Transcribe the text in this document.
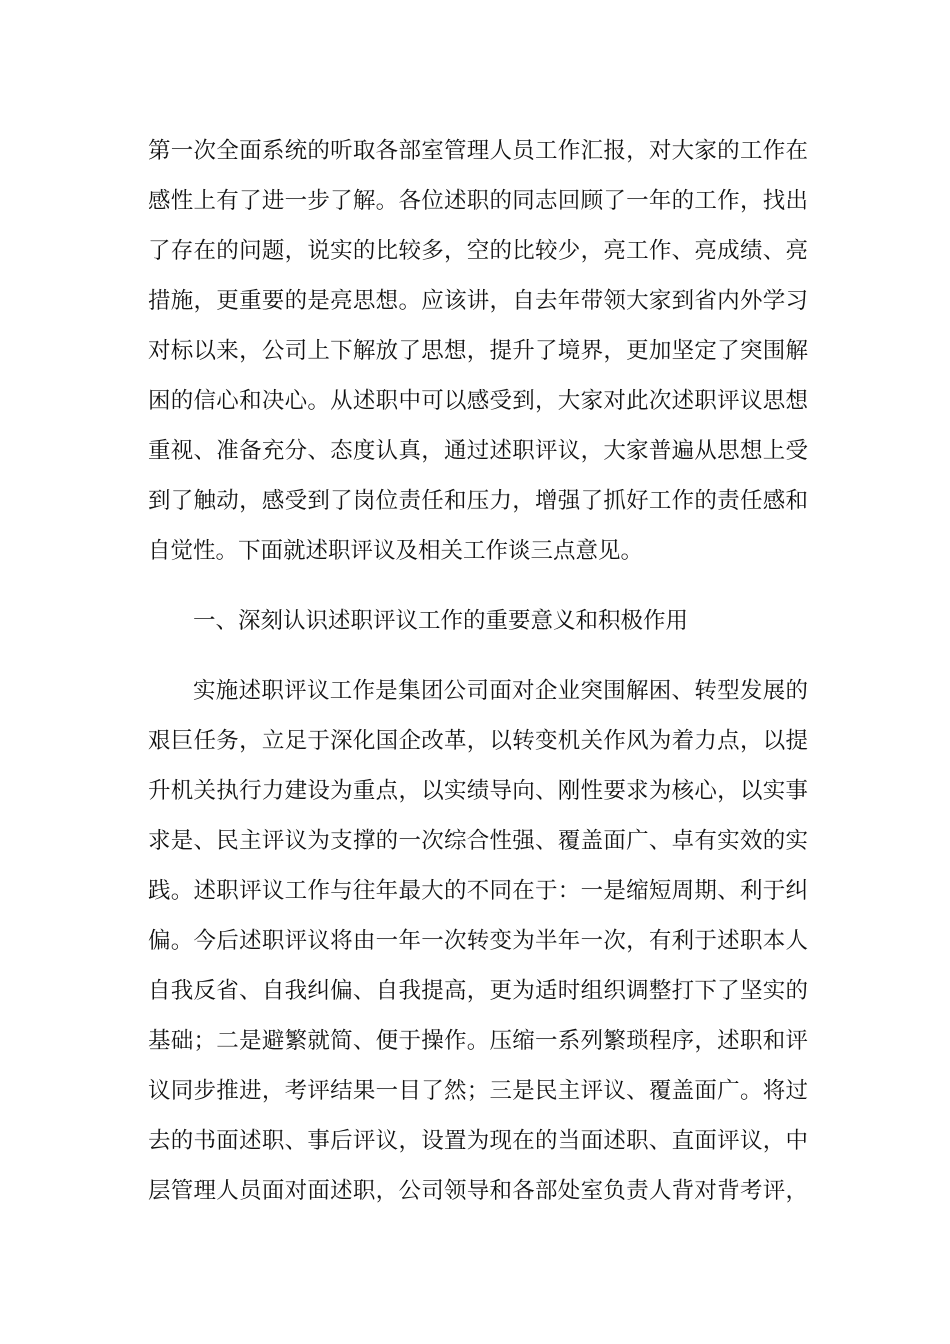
第一次全面系统的听取各部室管理人员工作汇报，对大家的工作在
感性上有了进一步了解。各位述职的同志回顾了一年的工作，找出
了存在的问题，说实的比较多，空的比较少，亮工作、亮成绩、亮
措施，更重要的是亮思想。应该讲，自去年带领大家到省内外学习
对标以来，公司上下解放了思想，提升了境界，更加坚定了突围解
困的信心和决心。从述职中可以感受到，大家对此次述职评议思想
重视、准备充分、态度认真，通过述职评议，大家普遍从思想上受
到了触动，感受到了岗位责任和压力，增强了抓好工作的责任感和
自觉性。下面就述职评议及相关工作谈三点意见。
一、深刻认识述职评议工作的重要意义和积极作用
实施述职评议工作是集团公司面对企业突围解困、转型发展的
艰巨任务，立足于深化国企改革，以转变机关作风为着力点，以提
升机关执行力建设为重点，以实绩导向、刚性要求为核心，以实事
求是、民主评议为支撑的一次综合性强、覆盖面广、卓有实效的实
践。述职评议工作与往年最大的不同在于：一是缩短周期、利于纠
偏。今后述职评议将由一年一次转变为半年一次，有利于述职本人
自我反省、自我纠偏、自我提高，更为适时组织调整打下了坚实的
基础；二是避繁就简、便于操作。压缩一系列繁琐程序，述职和评
议同步推进，考评结果一目了然；三是民主评议、覆盖面广。将过
去的书面述职、事后评议，设置为现在的当面述职、直面评议，中
层管理人员面对面述职，公司领导和各部处室负责人背对背考评，
